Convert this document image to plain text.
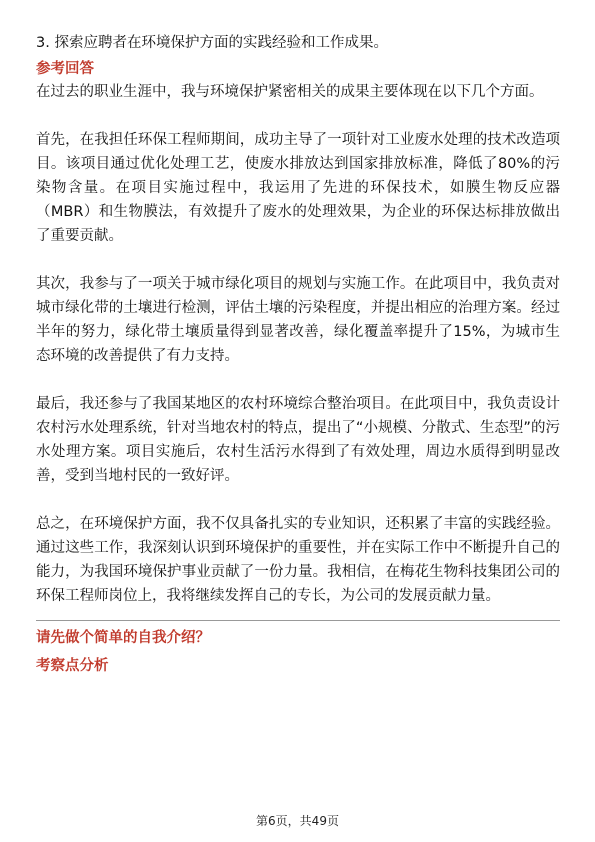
3. 探索应聘者在环境保护方面的实践经验和工作成果。

参考回答

在过去的职业生涯中，我与环境保护紧密相关的成果主要体现在以下几个方面。

首先，在我担任环保工程师期间，成功主导了一项针对工业废水处理的技术改造项目。该项目通过优化处理工艺，使废水排放达到国家排放标准，降低了80%的污染物含量。在项目实施过程中，我运用了先进的环保技术，如膜生物反应器（MBR）和生物膜法，有效提升了废水的处理效果，为企业的环保达标排放做出了重要贡献。

其次，我参与了一项关于城市绿化项目的规划与实施工作。在此项目中，我负责对城市绿化带的土壤进行检测，评估土壤的污染程度，并提出相应的治理方案。经过半年的努力，绿化带土壤质量得到显著改善，绿化覆盖率提升了15%，为城市生态环境的改善提供了有力支持。

最后，我还参与了我国某地区的农村环境综合整治项目。在此项目中，我负责设计农村污水处理系统，针对当地农村的特点，提出了“小规模、分散式、生态型”的污水处理方案。项目实施后，农村生活污水得到了有效处理，周边水质得到明显改善，受到当地村民的一致好评。

总之，在环境保护方面，我不仅具备扎实的专业知识，还积累了丰富的实践经验。通过这些工作，我深刻认识到环境保护的重要性，并在实际工作中不断提升自己的能力，为我国环境保护事业贡献了一份力量。我相信，在梅花生物科技集团公司的环保工程师岗位上，我将继续发挥自己的专长，为公司的发展贡献力量。

请先做个简单的自我介绍？

考察点分析

第6页，共49页
